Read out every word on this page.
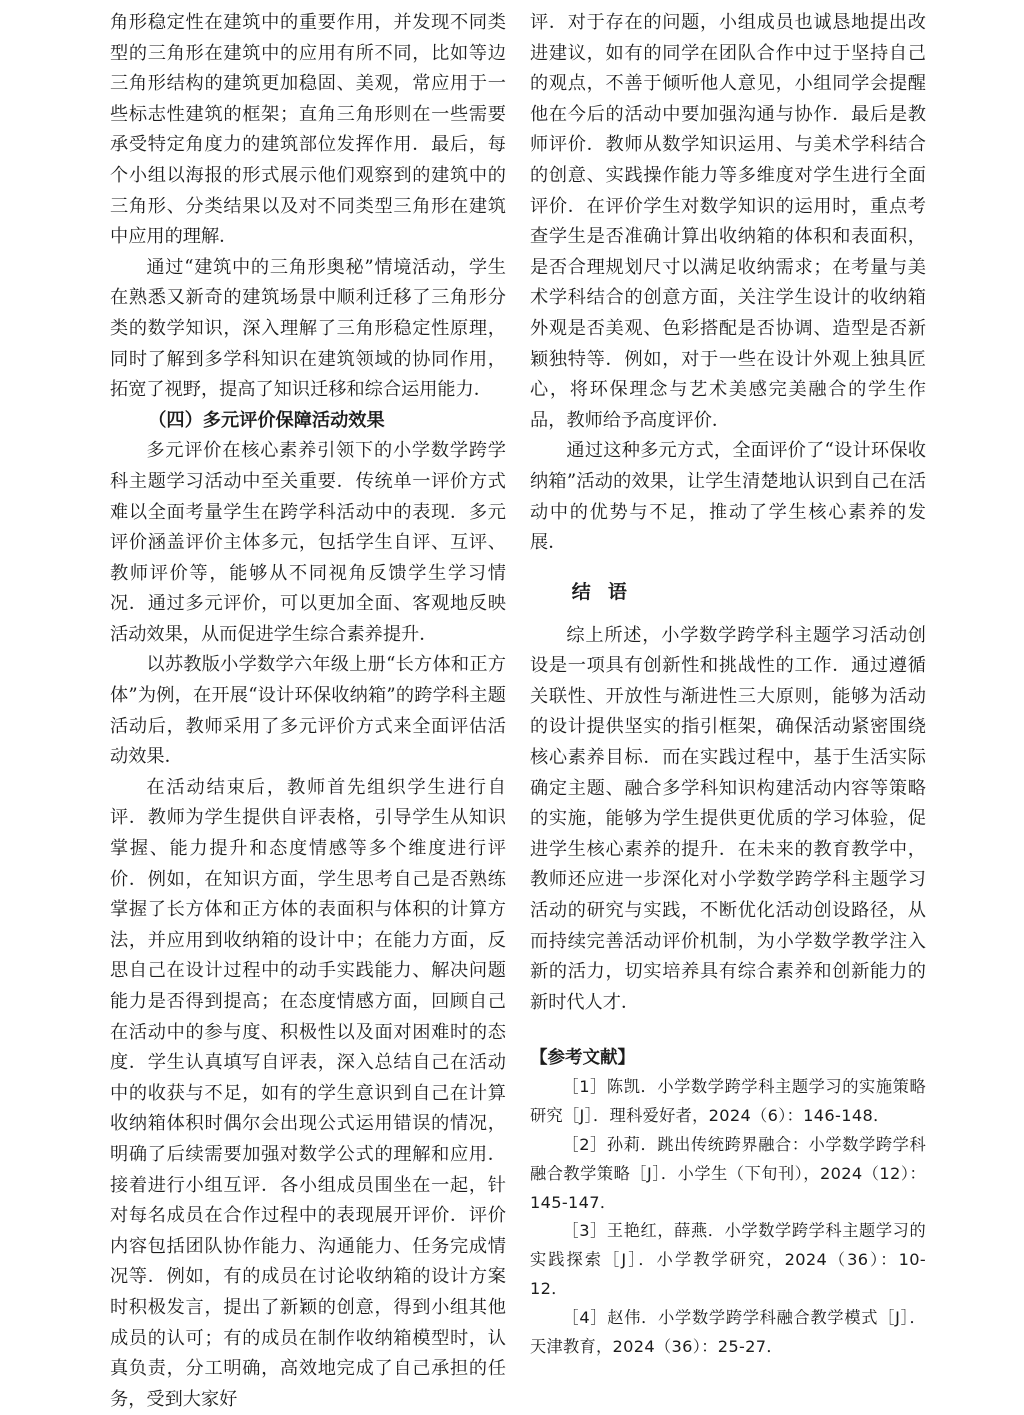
角形稳定性在建筑中的重要作用，并发现不同类型的三角形在建筑中的应用有所不同，比如等边三角形结构的建筑更加稳固、美观，常应用于一些标志性建筑的框架；直角三角形则在一些需要承受特定角度力的建筑部位发挥作用．最后，每个小组以海报的形式展示他们观察到的建筑中的三角形、分类结果以及对不同类型三角形在建筑中应用的理解．

通过“建筑中的三角形奥秘”情境活动，学生在熟悉又新奇的建筑场景中顺利迁移了三角形分类的数学知识，深入理解了三角形稳定性原理，同时了解到多学科知识在建筑领域的协同作用，拓宽了视野，提高了知识迁移和综合运用能力．

（四）多元评价保障活动效果

多元评价在核心素养引领下的小学数学跨学科主题学习活动中至关重要．传统单一评价方式难以全面考量学生在跨学科活动中的表现．多元评价涵盖评价主体多元，包括学生自评、互评、教师评价等，能够从不同视角反馈学生学习情况．通过多元评价，可以更加全面、客观地反映活动效果，从而促进学生综合素养提升．

以苏教版小学数学六年级上册“长方体和正方体”为例，在开展“设计环保收纳箱”的跨学科主题活动后，教师采用了多元评价方式来全面评估活动效果．

在活动结束后，教师首先组织学生进行自评．教师为学生提供自评表格，引导学生从知识掌握、能力提升和态度情感等多个维度进行评价．例如，在知识方面，学生思考自己是否熟练掌握了长方体和正方体的表面积与体积的计算方法，并应用到收纳箱的设计中；在能力方面，反思自己在设计过程中的动手实践能力、解决问题能力是否得到提高；在态度情感方面，回顾自己在活动中的参与度、积极性以及面对困难时的态度．学生认真填写自评表，深入总结自己在活动中的收获与不足，如有的学生意识到自己在计算收纳箱体积时偶尔会出现公式运用错误的情况，明确了后续需要加强对数学公式的理解和应用．接着进行小组互评．各小组成员围坐在一起，针对每名成员在合作过程中的表现展开评价．评价内容包括团队协作能力、沟通能力、任务完成情况等．例如，有的成员在讨论收纳箱的设计方案时积极发言，提出了新颖的创意，得到小组其他成员的认可；有的成员在制作收纳箱模型时，认真负责，分工明确，高效地完成了自己承担的任务，受到大家好

评．对于存在的问题，小组成员也诚恳地提出改进建议，如有的同学在团队合作中过于坚持自己的观点，不善于倾听他人意见，小组同学会提醒他在今后的活动中要加强沟通与协作．最后是教师评价．教师从数学知识运用、与美术学科结合的创意、实践操作能力等多维度对学生进行全面评价．在评价学生对数学知识的运用时，重点考查学生是否准确计算出收纳箱的体积和表面积，是否合理规划尺寸以满足收纳需求；在考量与美术学科结合的创意方面，关注学生设计的收纳箱外观是否美观、色彩搭配是否协调、造型是否新颖独特等．例如，对于一些在设计外观上独具匠心，将环保理念与艺术美感完美融合的学生作品，教师给予高度评价．

通过这种多元方式，全面评价了“设计环保收纳箱”活动的效果，让学生清楚地认识到自己在活动中的优势与不足，推动了学生核心素养的发展．

结语

综上所述，小学数学跨学科主题学习活动创设是一项具有创新性和挑战性的工作．通过遵循关联性、开放性与渐进性三大原则，能够为活动的设计提供坚实的指引框架，确保活动紧密围绕核心素养目标．而在实践过程中，基于生活实际确定主题、融合多学科知识构建活动内容等策略的实施，能够为学生提供更优质的学习体验，促进学生核心素养的提升．在未来的教育教学中，教师还应进一步深化对小学数学跨学科主题学习活动的研究与实践，不断优化活动创设路径，从而持续完善活动评价机制，为小学数学教学注入新的活力，切实培养具有综合素养和创新能力的新时代人才．

【参考文献】

［1］陈凯．小学数学跨学科主题学习的实施策略研究［J］．理科爱好者，2024（6）：146-148．

［2］孙莉．跳出传统跨界融合：小学数学跨学科融合教学策略［J］．小学生（下旬刊），2024（12）：145-147．

［3］王艳红，薛燕．小学数学跨学科主题学习的实践探索［J］．小学教学研究，2024（36）：10-12．

［4］赵伟．小学数学跨学科融合教学模式［J］．天津教育，2024（36）：25-27．
